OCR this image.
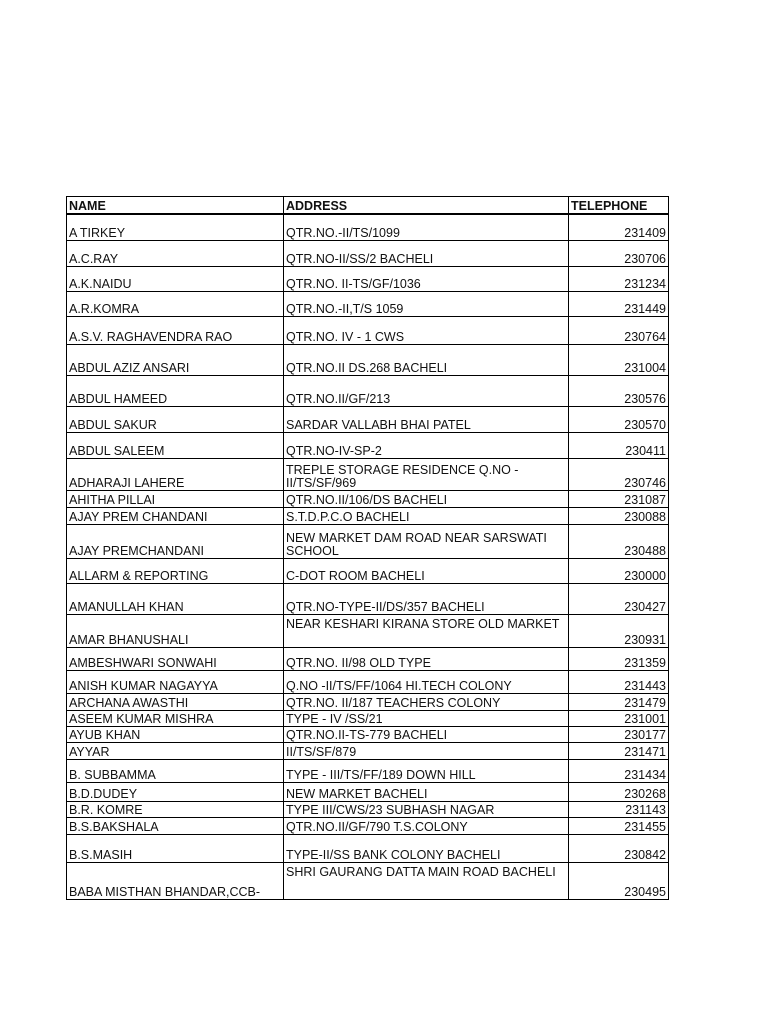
NAME	ADDRESS	TELEPHONE
A TIRKEY	QTR.NO.-II/TS/1099	231409
A.C.RAY	QTR.NO-II/SS/2 BACHELI	230706
A.K.NAIDU	QTR.NO. II-TS/GF/1036	231234
A.R.KOMRA	QTR.NO.-II,T/S 1059	231449
A.S.V. RAGHAVENDRA RAO	QTR.NO. IV - 1 CWS	230764
ABDUL AZIZ ANSARI	QTR.NO.II DS.268 BACHELI	231004
ABDUL HAMEED	QTR.NO.II/GF/213	230576
ABDUL SAKUR	SARDAR VALLABH BHAI PATEL	230570
ABDUL SALEEM	QTR.NO-IV-SP-2	230411
ADHARAJI LAHERE	TREPLE STORAGE RESIDENCE Q.NO - II/TS/SF/969	230746
AHITHA PILLAI	QTR.NO.II/106/DS BACHELI	231087
AJAY PREM CHANDANI	S.T.D.P.C.O BACHELI	230088
AJAY PREMCHANDANI	NEW MARKET DAM ROAD NEAR SARSWATI SCHOOL	230488
ALLARM & REPORTING	C-DOT ROOM BACHELI	230000
AMANULLAH KHAN	QTR.NO-TYPE-II/DS/357 BACHELI	230427
AMAR BHANUSHALI	NEAR KESHARI KIRANA STORE OLD MARKET	230931
AMBESHWARI SONWAHI	QTR.NO. II/98 OLD TYPE	231359
ANISH KUMAR NAGAYYA	Q.NO -II/TS/FF/1064 HI.TECH COLONY	231443
ARCHANA AWASTHI	QTR.NO. II/187 TEACHERS COLONY	231479
ASEEM KUMAR MISHRA	TYPE - IV /SS/21	231001
AYUB KHAN	QTR.NO.II-TS-779 BACHELI	230177
AYYAR	II/TS/SF/879	231471
B. SUBBAMMA	TYPE - III/TS/FF/189 DOWN HILL	231434
B.D.DUDEY	NEW MARKET BACHELI	230268
B.R. KOMRE	TYPE III/CWS/23 SUBHASH NAGAR	231143
B.S.BAKSHALA	QTR.NO.II/GF/790 T.S.COLONY	231455
B.S.MASIH	TYPE-II/SS BANK COLONY BACHELI	230842
BABA MISTHAN BHANDAR,CCB-	SHRI GAURANG DATTA MAIN ROAD BACHELI	230495
